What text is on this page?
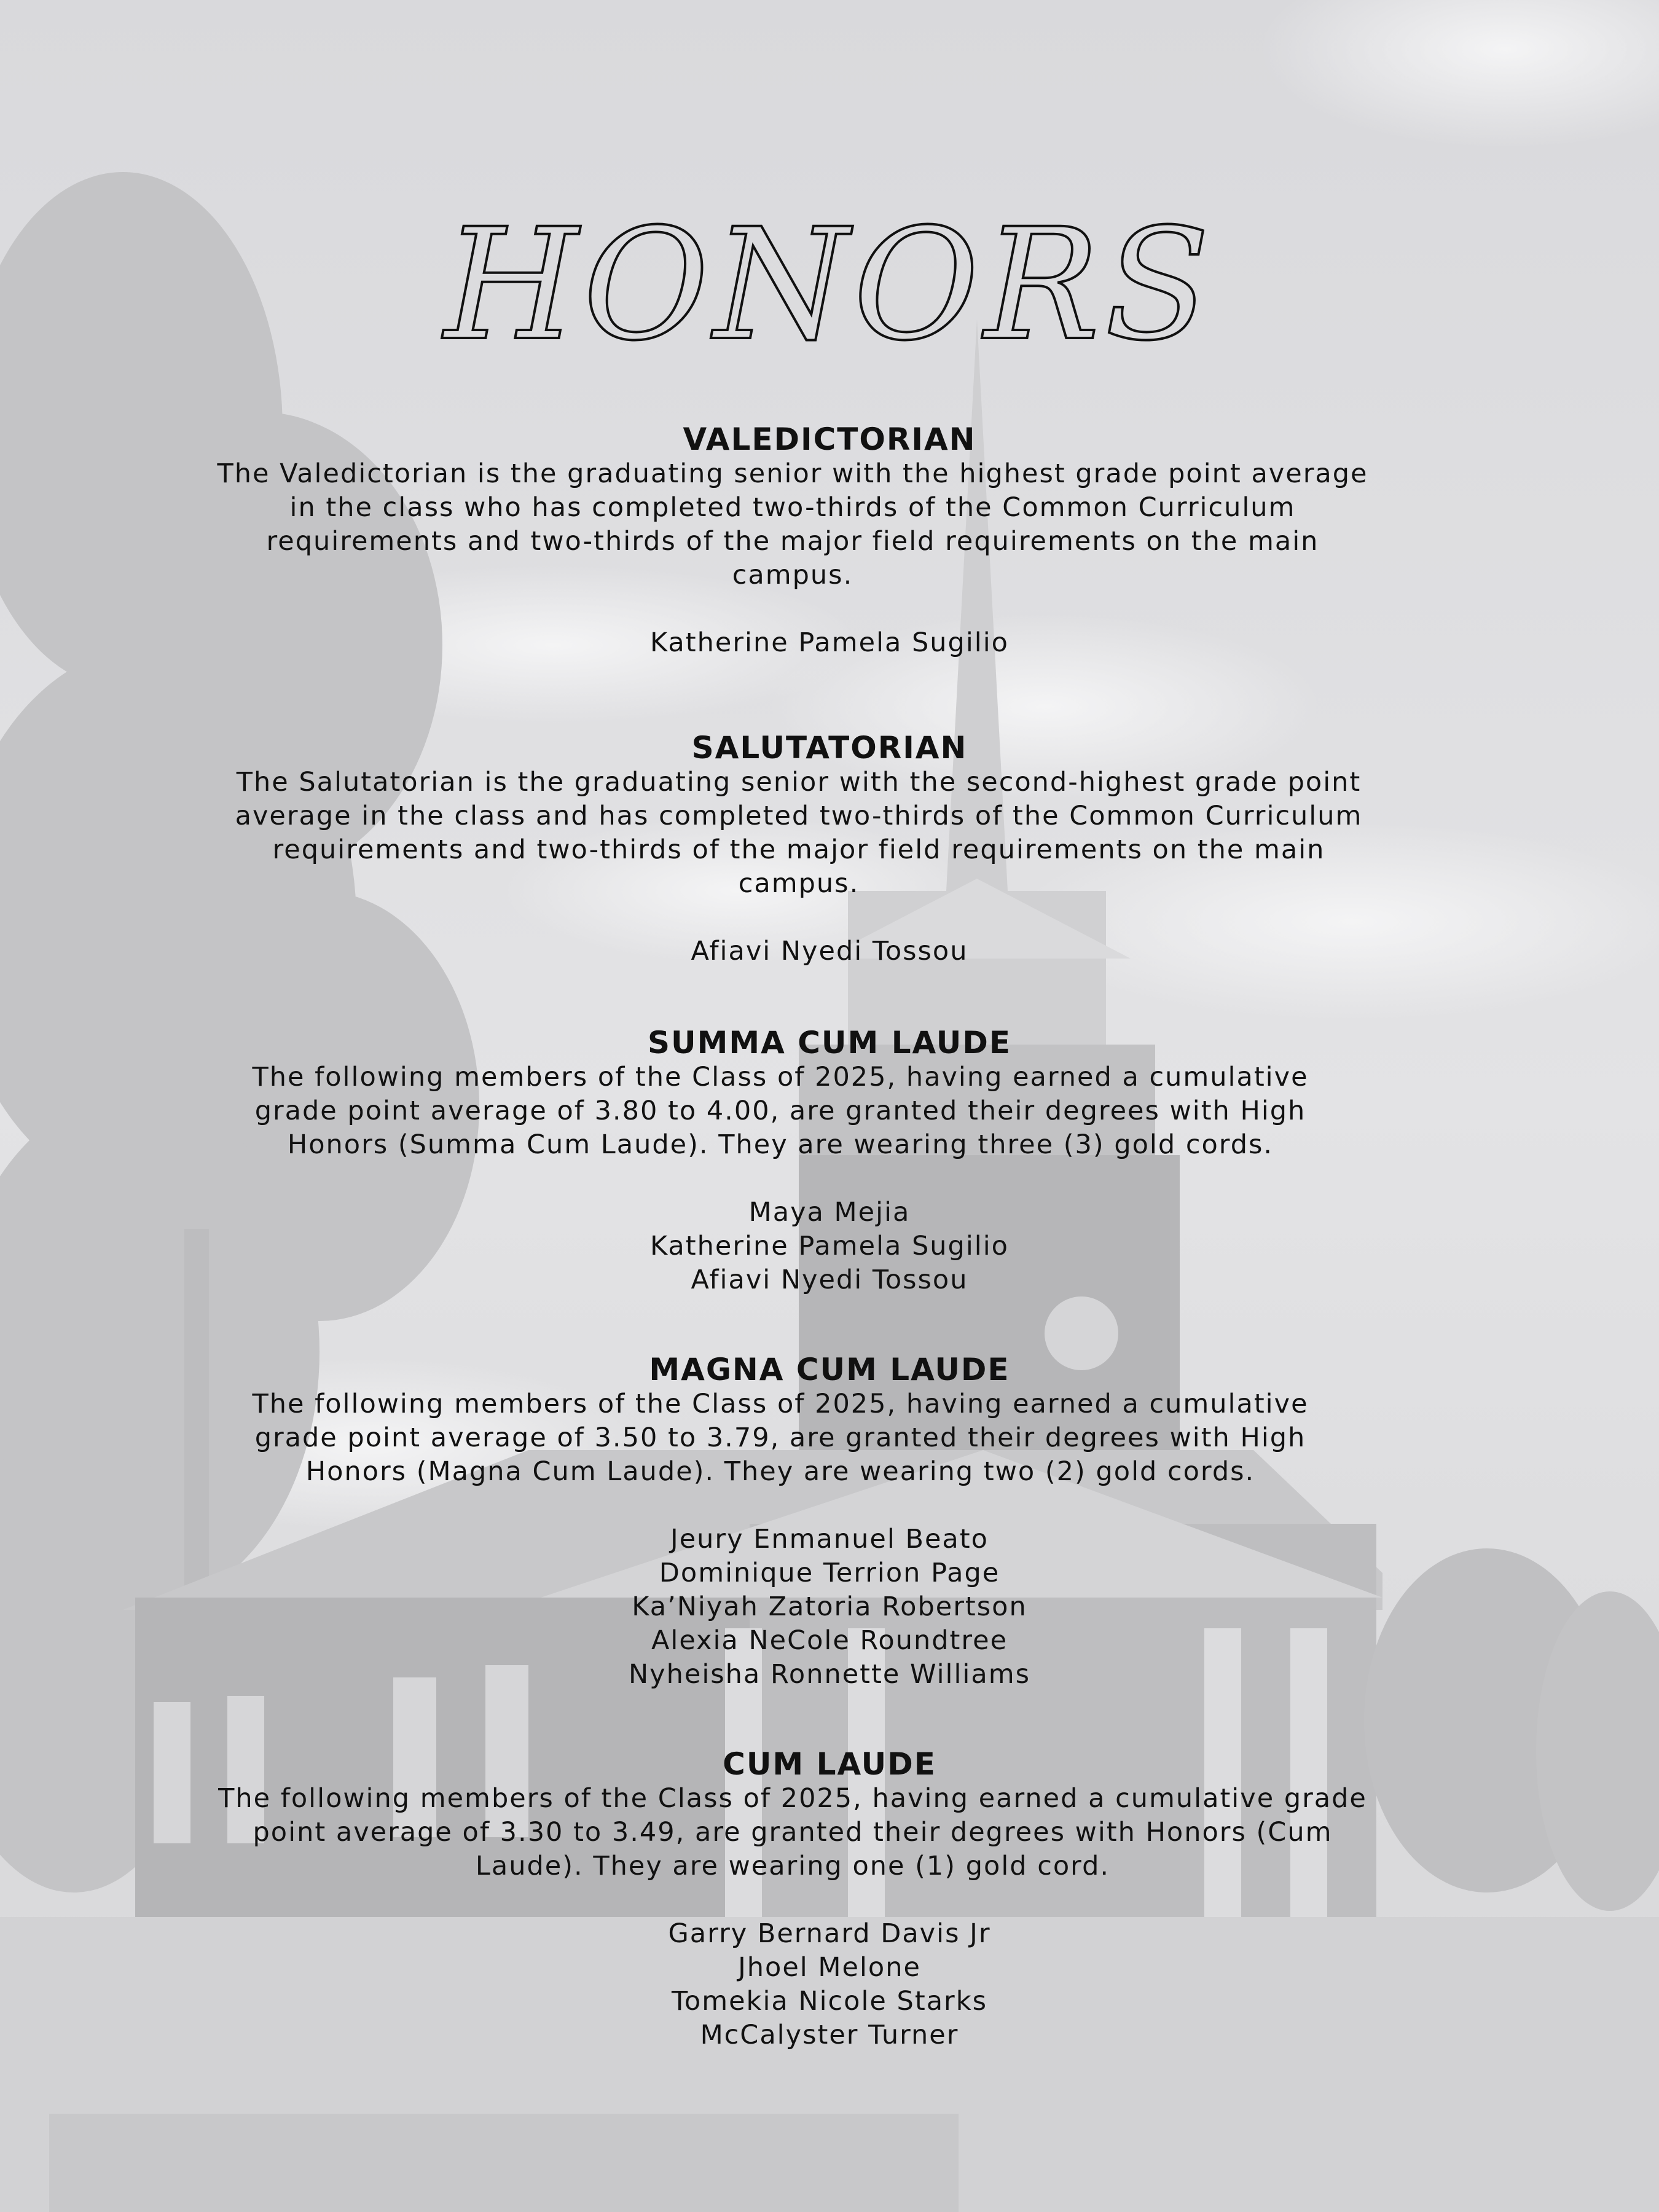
HONORS
VALEDICTORIAN

The Valedictorian is the graduating senior with the highest grade point average in the class who has completed two-thirds of the Common Curriculum requirements and two-thirds of the major field requirements on the main campus.

Katherine Pamela Sugilio
SALUTATORIAN

The Salutatorian is the graduating senior with the second-highest grade point average in the class and has completed two-thirds of the Common Curriculum requirements and two-thirds of the major field requirements on the main campus.

Afiavi Nyedi Tossou
SUMMA CUM LAUDE

The following members of the Class of 2025, having earned a cumulative grade point average of 3.80 to 4.00, are granted their degrees with High Honors (Summa Cum Laude). They are wearing three (3) gold cords.

Maya Mejia
Katherine Pamela Sugilio
Afiavi Nyedi Tossou
MAGNA CUM LAUDE

The following members of the Class of 2025, having earned a cumulative grade point average of 3.50 to 3.79, are granted their degrees with High Honors (Magna Cum Laude). They are wearing two (2) gold cords.

Jeury Enmanuel Beato
Dominique Terrion Page
Ka’Niyah Zatoria Robertson
Alexia NeCole Roundtree
Nyheisha Ronnette Williams
CUM LAUDE

The following members of the Class of 2025, having earned a cumulative grade point average of 3.30 to 3.49, are granted their degrees with Honors (Cum Laude). They are wearing one (1) gold cord.

Garry Bernard Davis Jr
Jhoel Melone
Tomekia Nicole Starks
McCalyster Turner
